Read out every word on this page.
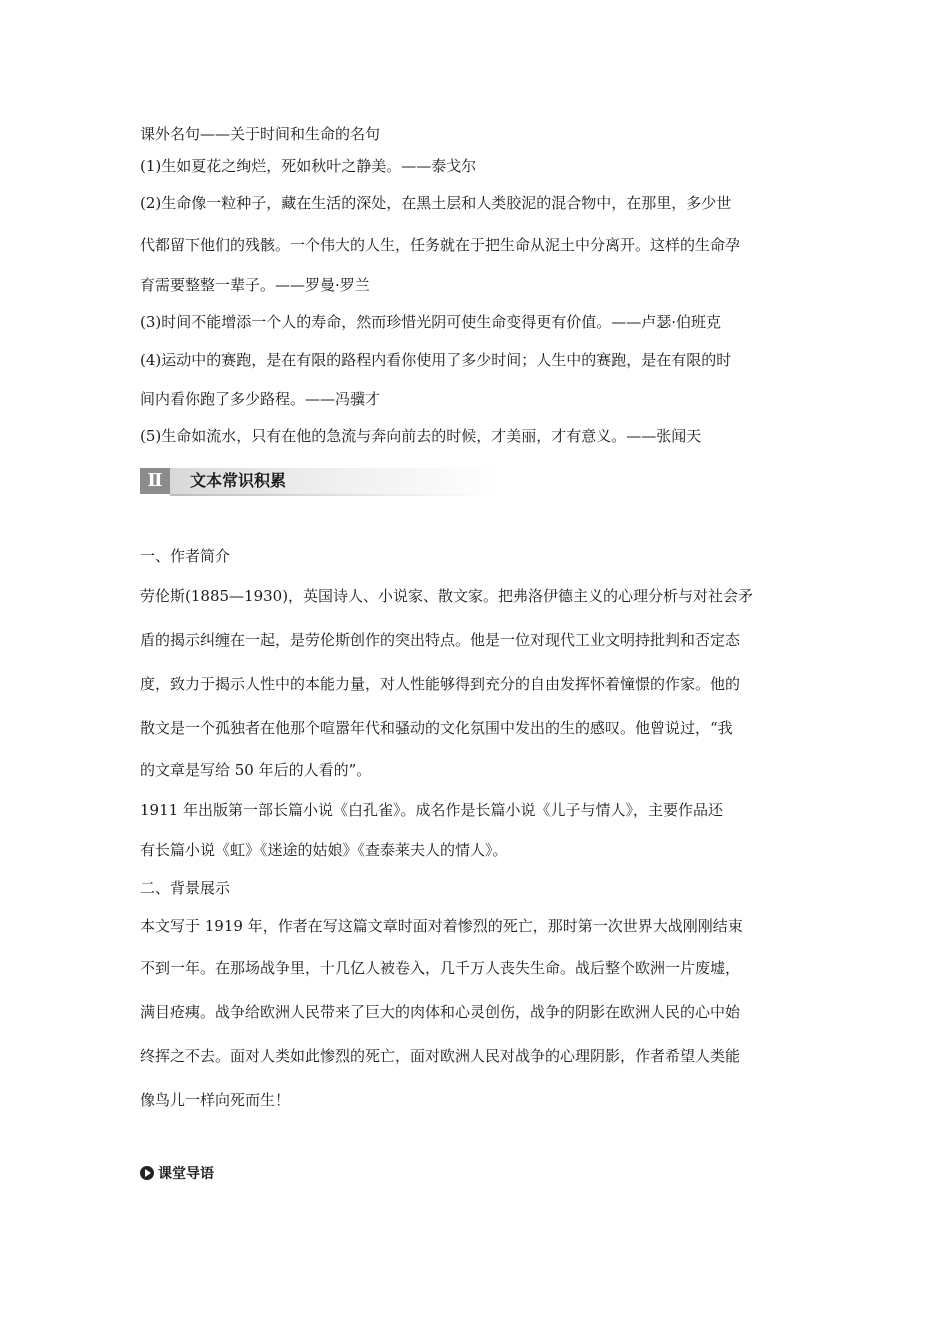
课外名句——关于时间和生命的名句

(1)生如夏花之绚烂，死如秋叶之静美。——泰戈尔

(2)生命像一粒种子，藏在生活的深处，在黑土层和人类胶泥的混合物中，在那里，多少世

代都留下他们的残骸。一个伟大的人生，任务就在于把生命从泥土中分离开。这样的生命孕

育需要整整一辈子。——罗曼·罗兰

(3)时间不能增添一个人的寿命，然而珍惜光阴可使生命变得更有价值。——卢瑟·伯班克

(4)运动中的赛跑，是在有限的路程内看你使用了多少时间；人生中的赛跑，是在有限的时

间内看你跑了多少路程。——冯骥才

(5)生命如流水，只有在他的急流与奔向前去的时候，才美丽，才有意义。——张闻天

Ⅱ	文本常识积累

一、作者简介

劳伦斯(1885—1930)，英国诗人、小说家、散文家。把弗洛伊德主义的心理分析与对社会矛

盾的揭示纠缠在一起，是劳伦斯创作的突出特点。他是一位对现代工业文明持批判和否定态

度，致力于揭示人性中的本能力量，对人性能够得到充分的自由发挥怀着憧憬的作家。他的

散文是一个孤独者在他那个喧嚣年代和骚动的文化氛围中发出的生的感叹。他曾说过，“我

的文章是写给 50 年后的人看的”。

1911 年出版第一部长篇小说《白孔雀》。成名作是长篇小说《儿子与情人》，主要作品还

有长篇小说《虹》《迷途的姑娘》《查泰莱夫人的情人》。

二、背景展示

本文写于 1919 年，作者在写这篇文章时面对着惨烈的死亡，那时第一次世界大战刚刚结束

不到一年。在那场战争里，十几亿人被卷入，几千万人丧失生命。战后整个欧洲一片废墟，

满目疮痍。战争给欧洲人民带来了巨大的肉体和心灵创伤，战争的阴影在欧洲人民的心中始

终挥之不去。面对人类如此惨烈的死亡，面对欧洲人民对战争的心理阴影，作者希望人类能

像鸟儿一样向死而生！

课堂导语
